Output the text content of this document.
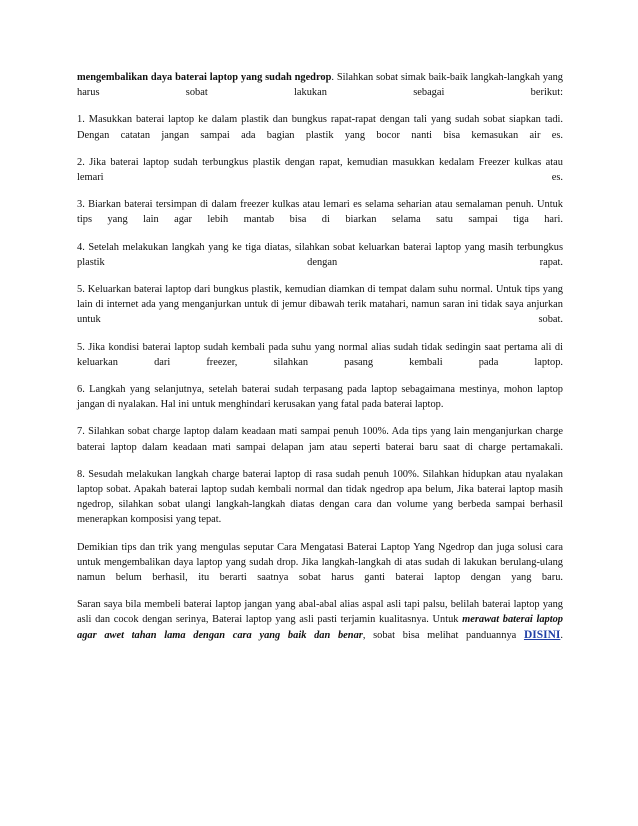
mengembalikan daya baterai laptop yang sudah ngedrop. Silahkan sobat simak baik-baik langkah-langkah yang harus sobat lakukan sebagai berikut:

1. Masukkan baterai laptop ke dalam plastik dan bungkus rapat-rapat dengan tali yang sudah sobat siapkan tadi. Dengan catatan jangan sampai ada bagian plastik yang bocor nanti bisa kemasukan air es.

2. Jika baterai laptop sudah terbungkus plastik dengan rapat, kemudian masukkan kedalam Freezer kulkas atau lemari es.

3. Biarkan baterai tersimpan di dalam freezer kulkas atau lemari es selama seharian atau semalaman penuh. Untuk tips yang lain agar lebih mantab bisa di biarkan selama satu sampai tiga hari.

4. Setelah melakukan langkah yang ke tiga diatas, silahkan sobat keluarkan baterai laptop yang masih terbungkus plastik dengan rapat.

5. Keluarkan baterai laptop dari bungkus plastik, kemudian diamkan di tempat dalam suhu normal. Untuk tips yang lain di internet ada yang menganjurkan untuk di jemur dibawah terik matahari, namun saran ini tidak saya anjurkan untuk sobat.

5. Jika kondisi baterai laptop sudah kembali pada suhu yang normal alias sudah tidak sedingin saat pertama ali di keluarkan dari freezer, silahkan pasang kembali pada laptop.

6. Langkah yang selanjutnya, setelah baterai sudah terpasang pada laptop sebagaimana mestinya, mohon laptop jangan di nyalakan. Hal ini untuk menghindari kerusakan yang fatal pada baterai laptop.

7. Silahkan sobat charge laptop dalam keadaan mati sampai penuh 100%. Ada tips yang lain menganjurkan charge baterai laptop dalam keadaan mati sampai delapan jam atau seperti baterai baru saat di charge pertamakali.

8. Sesudah melakukan langkah charge baterai laptop di rasa sudah penuh 100%. Silahkan hidupkan atau nyalakan laptop sobat. Apakah baterai laptop sudah kembali normal dan tidak ngedrop apa belum, Jika baterai laptop masih ngedrop, silahkan sobat ulangi langkah-langkah diatas dengan cara dan volume yang berbeda sampai berhasil menerapkan komposisi yang tepat.

Demikian tips dan trik yang mengulas seputar Cara Mengatasi Baterai Laptop Yang Ngedrop dan juga solusi cara untuk mengembalikan daya laptop yang sudah drop. Jika langkah-langkah di atas sudah di lakukan berulang-ulang namun belum berhasil, itu berarti saatnya sobat harus ganti baterai laptop dengan yang baru.

Saran saya bila membeli baterai laptop jangan yang abal-abal alias aspal asli tapi palsu, belilah baterai laptop yang asli dan cocok dengan serinya, Baterai laptop yang asli pasti terjamin kualitasnya. Untuk merawat baterai laptop agar awet tahan lama dengan cara yang baik dan benar, sobat bisa melihat panduannya DISINI.
